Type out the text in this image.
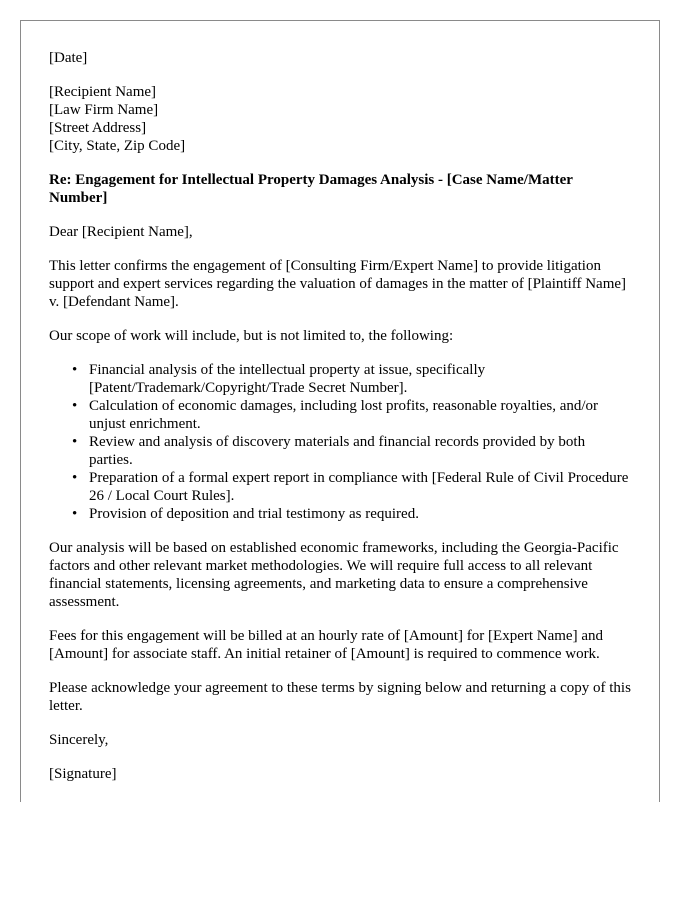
[Date]

[Recipient Name]
[Law Firm Name]
[Street Address]
[City, State, Zip Code]

Re: Engagement for Intellectual Property Damages Analysis - [Case Name/Matter Number]

Dear [Recipient Name],

This letter confirms the engagement of [Consulting Firm/Expert Name] to provide litigation support and expert services regarding the valuation of damages in the matter of [Plaintiff Name] v. [Defendant Name].

Our scope of work will include, but is not limited to, the following:

• Financial analysis of the intellectual property at issue, specifically [Patent/Trademark/Copyright/Trade Secret Number].
• Calculation of economic damages, including lost profits, reasonable royalties, and/or unjust enrichment.
• Review and analysis of discovery materials and financial records provided by both parties.
• Preparation of a formal expert report in compliance with [Federal Rule of Civil Procedure 26 / Local Court Rules].
• Provision of deposition and trial testimony as required.

Our analysis will be based on established economic frameworks, including the Georgia-Pacific factors and other relevant market methodologies. We will require full access to all relevant financial statements, licensing agreements, and marketing data to ensure a comprehensive assessment.

Fees for this engagement will be billed at an hourly rate of [Amount] for [Expert Name] and [Amount] for associate staff. An initial retainer of [Amount] is required to commence work.

Please acknowledge your agreement to these terms by signing below and returning a copy of this letter.

Sincerely,

[Signature]
